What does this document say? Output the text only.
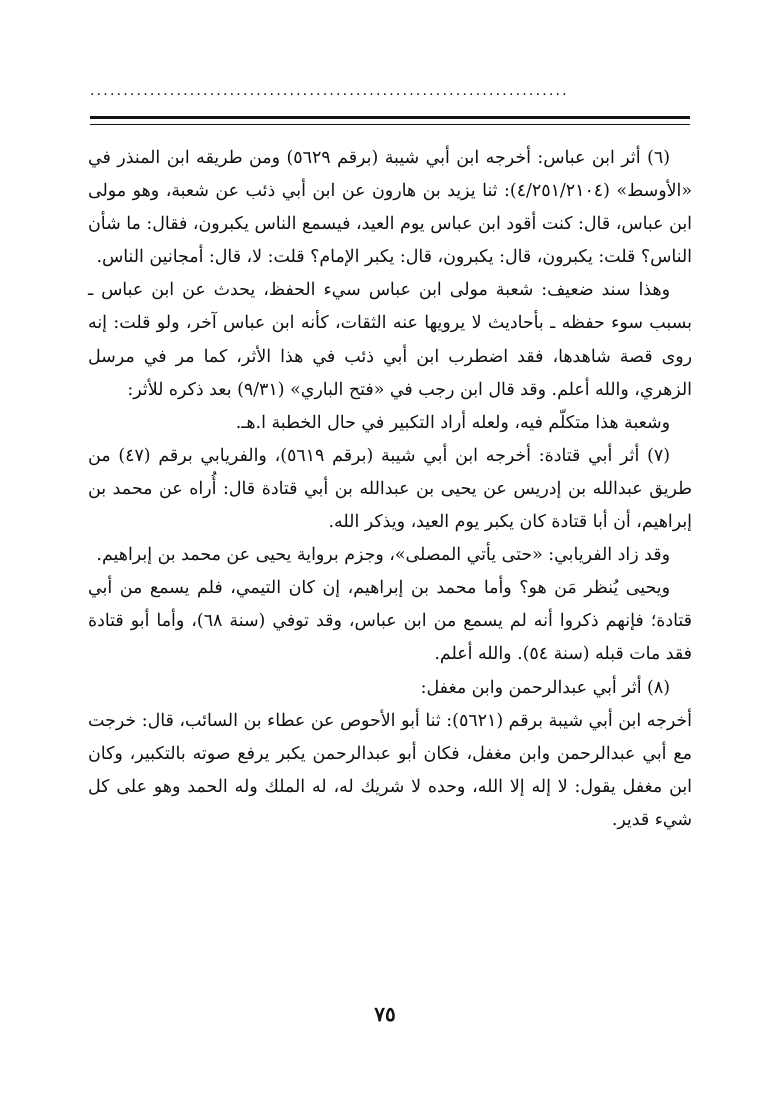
........................................................................

(٦) أثر ابن عباس: أخرجه ابن أبي شيبة (برقم ٥٦٢٩) ومن طريقه ابن المنذر في «الأوسط» (٤/٢٥١/٢١٠٤): ثنا يزيد بن هارون عن ابن أبي ذئب عن شعبة، وهو مولى ابن عباس، قال: كنت أقود ابن عباس يوم العيد، فيسمع الناس يكبرون، فقال: ما شأن الناس؟ قلت: يكبرون، قال: يكبرون، قال: يكبر الإمام؟ قلت: لا، قال: أمجانين الناس.

وهذا سند ضعيف: شعبة مولى ابن عباس سيء الحفظ، يحدث عن ابن عباس ـ بسبب سوء حفظه ـ بأحاديث لا يرويها عنه الثقات، كأنه ابن عباس آخر، ولو قلت: إنه روى قصة شاهدها، فقد اضطرب ابن أبي ذئب في هذا الأثر، كما مر في مرسل الزهري، والله أعلم. وقد قال ابن رجب في «فتح الباري» (٩/٣١) بعد ذكره للأثر:

وشعبة هذا متكلّم فيه، ولعله أراد التكبير في حال الخطبة ا.هـ.

(٧) أثر أبي قتادة: أخرجه ابن أبي شيبة (برقم ٥٦١٩)، والفريابي برقم (٤٧) من طريق عبدالله بن إدريس عن يحيى بن عبدالله بن أبي قتادة قال: أُراه عن محمد بن إبراهيم، أن أبا قتادة كان يكبر يوم العيد، ويذكر الله.

وقد زاد الفريابي: «حتى يأتي المصلى»، وجزم برواية يحيى عن محمد بن إبراهيم.

ويحيى يُنظر مَن هو؟ وأما محمد بن إبراهيم، إن كان التيمي، فلم يسمع من أبي قتادة؛ فإنهم ذكروا أنه لم يسمع من ابن عباس، وقد توفي (سنة ٦٨)، وأما أبو قتادة فقد مات قبله (سنة ٥٤). والله أعلم.

(٨) أثر أبي عبدالرحمن وابن مغفل:

أخرجه ابن أبي شيبة برقم (٥٦٢١): ثنا أبو الأحوص عن عطاء بن السائب، قال: خرجت مع أبي عبدالرحمن وابن مغفل، فكان أبو عبدالرحمن يكبر يرفع صوته بالتكبير، وكان ابن مغفل يقول: لا إله إلا الله، وحده لا شريك له، له الملك وله الحمد وهو على كل شيء قدير.

٧٥
